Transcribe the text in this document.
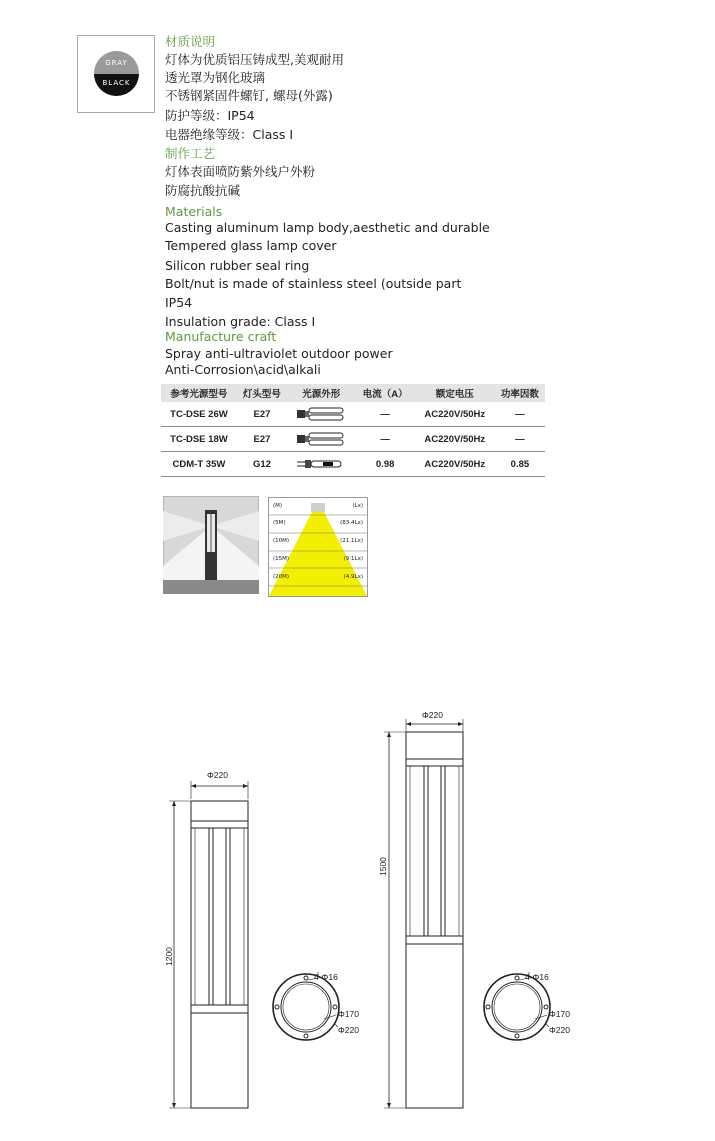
GRAY
BLACK
材质说明
灯体为优质铝压铸成型,美观耐用
透光罩为钢化玻璃
不锈钢紧固件螺钉, 螺母(外露)
防护等级：IP54
电器绝缘等级：Class Ⅰ
制作工艺
灯体表面喷防紫外线户外粉
防腐抗酸抗碱
Materials
Casting aluminum lamp body,aesthetic and durable
Tempered glass lamp cover
Silicon rubber seal ring
Bolt/nut is made of stainless steel (outside part
IP54
Insulation grade: Class I
Manufacture craft
Spray anti-ultraviolet outdoor power
Anti-Corrosion\acid\alkali
参考光源型号	灯头型号	光源外形	电流（A）	额定电压	功率因数
TC-DSE 26W	E27		—	AC220V/50Hz	—
TC-DSE 18W	E27		—	AC220V/50Hz	—
CDM-T 35W	G12		0.98	AC220V/50Hz	0.85
(M)	(Lx)
(5M)	(83.4Lx)
(10M)	(21.1Lx)
(15M)	(9.1Lx)
(20M)	(4.9Lx)
Φ220
1200
4-Φ16
Φ170
Φ220
Φ220
1500
4-Φ16
Φ170
Φ220
